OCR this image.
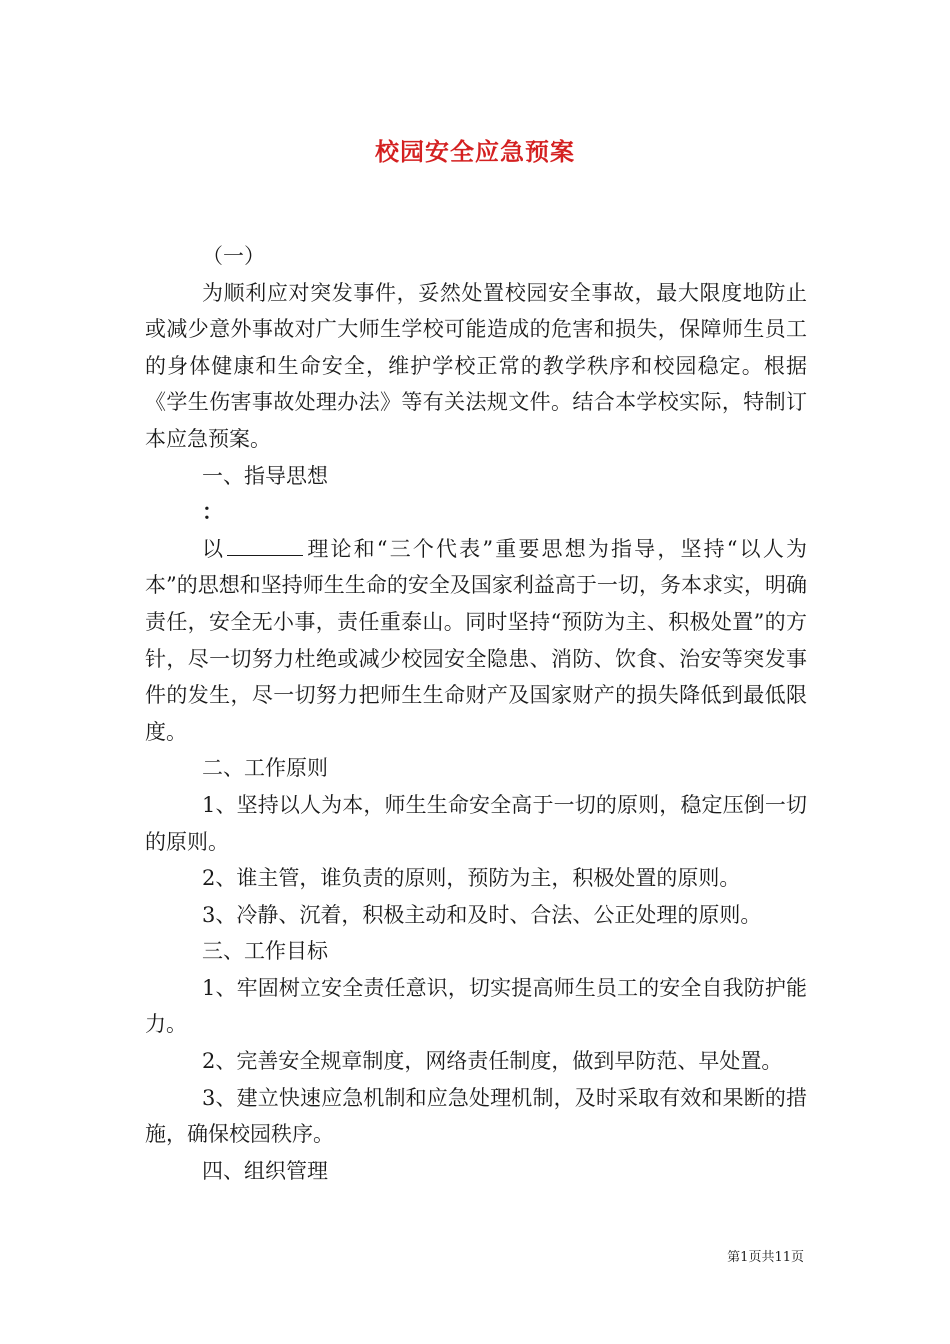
校园安全应急预案

（一）

为顺利应对突发事件，妥然处置校园安全事故，最大限度地防止或减少意外事故对广大师生学校可能造成的危害和损失，保障师生员工的身体健康和生命安全，维护学校正常的教学秩序和校园稳定。根据《学生伤害事故处理办法》等有关法规文件。结合本学校实际，特制订本应急预案。

一、指导思想

：

以	理论和“三个代表”重要思想为指导，坚持“以人为本”的思想和坚持师生生命的安全及国家利益高于一切，务本求实，明确责任，安全无小事，责任重泰山。同时坚持“预防为主、积极处置”的方针，尽一切努力杜绝或减少校园安全隐患、消防、饮食、治安等突发事件的发生，尽一切努力把师生生命财产及国家财产的损失降低到最低限度。

二、工作原则

1、坚持以人为本，师生生命安全高于一切的原则，稳定压倒一切的原则。

2、谁主管，谁负责的原则，预防为主，积极处置的原则。

3、冷静、沉着，积极主动和及时、合法、公正处理的原则。

三、工作目标

1、牢固树立安全责任意识，切实提高师生员工的安全自我防护能力。

2、完善安全规章制度，网络责任制度，做到早防范、早处置。

3、建立快速应急机制和应急处理机制，及时采取有效和果断的措施，确保校园秩序。

四、组织管理

第1页共11页
